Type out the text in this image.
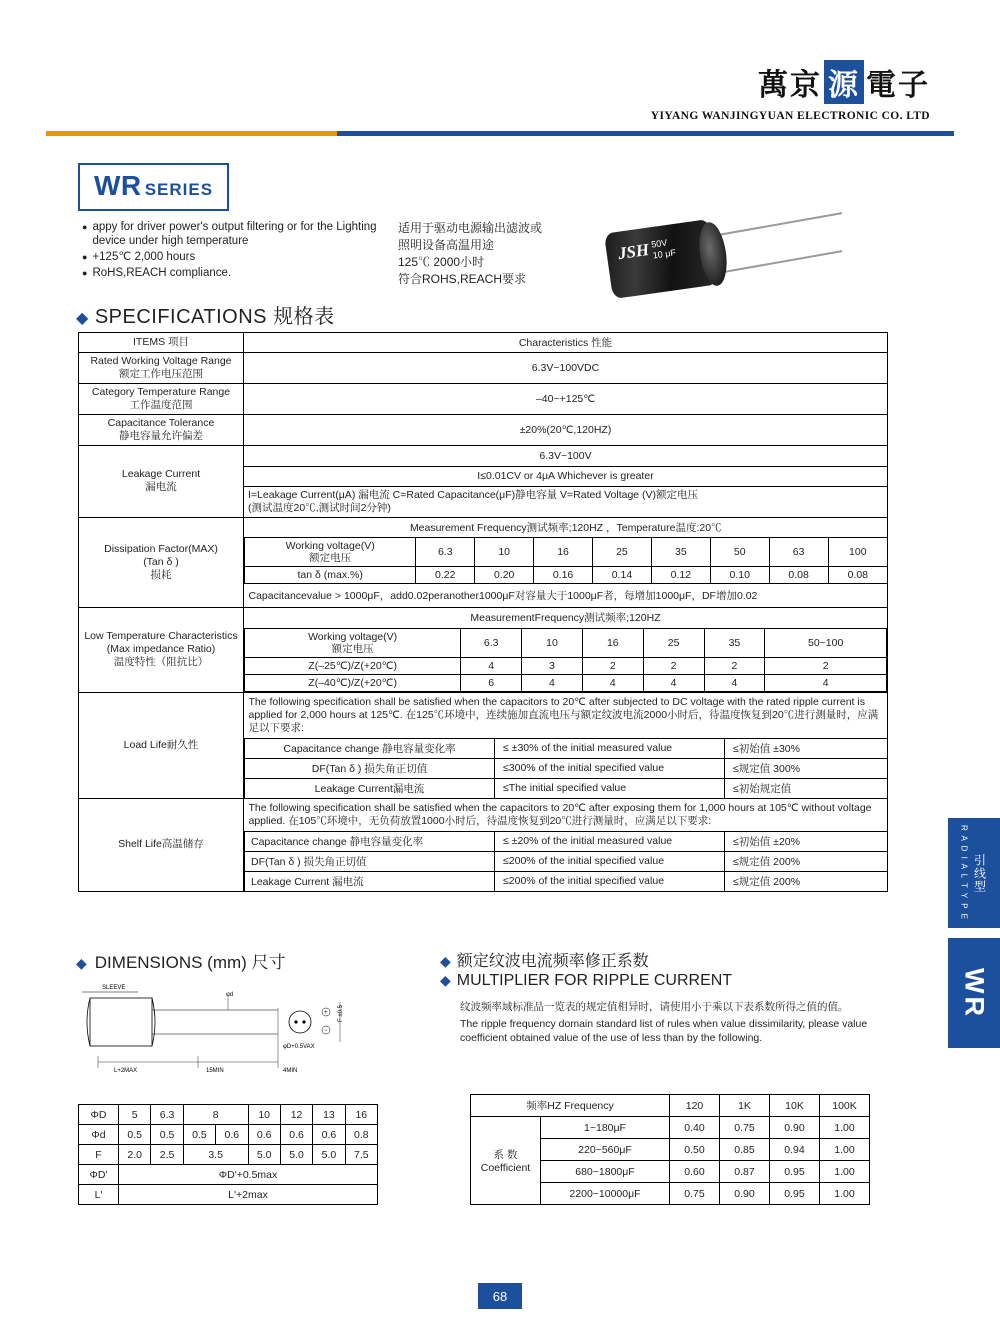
萬京 源 電子
YIYANG WANJINGYUAN ELECTRONIC CO. LTD
WR SERIES
● appy for driver power's output filtering or for the Lighting device under high temperature
● +125℃ 2,000 hours
● RoHS,REACH compliance.
适用于驱动电源输出滤波或
照明设备高温用途
125℃ 2000小时
符合ROHS,REACH要求
JSH 50V
10 μF
◆ SPECIFICATIONS 规格表
ITEMS 项目	Characteristics 性能

Rated Working Voltage Range
额定工作电压范围	6.3V~100VDC

Category Temperature Range
工作温度范围	–40~+125℃

Capacitance Tolerance
静电容量允许偏差	±20%(20℃,120HZ)

Leakage Current
漏电流

6.3V~100V
I≤0.01CV or 4μA Whichever is greater

I=Leakage Current(μA) 漏电流 C=Rated Capacitance(μF)静电容量 V=Rated Voltage (V)额定电压
(测试温度20℃,测试时间2分钟)

Dissipation Factor(MAX)
(Tan δ )
损耗

Measurement Frequency测试频率;120HZ ，Temperature温度:20℃

Working voltage(V)
额定电压	6.3	10	16	25	35	50	63	100
tan δ (max.%)	0.22	0.20	0.16	0.14	0.12	0.10	0.08	0.08
Capacitancevalue > 1000μF，add0.02peranother1000μF对容量大于1000μF者，每增加1000μF，DF增加0.02

Low Temperature Characteristics (Max impedance Ratio)
温度特性（阻抗比）

MeasurementFrequency测试频率;120HZ

Working voltage(V)
额定电压	6.3	10	16	25	35	50~100
Z(–25℃)/Z(+20℃)	4	3	2	2	2	2
Z(–40℃)/Z(+20℃)	6	4	4	4	4	4

Load Life耐久性	
The following specification shall be satisfied when the capacitors to 20℃ after subjected to DC voltage with the rated ripple current is applied for 2,000 hours at 125℃. 在125℃环境中，连续施加直流电压与额定纹波电流2000小时后，待温度恢复到20℃进行测量时，应满足以下要求:
Capacitance change 静电容量变化率	≤ ±30% of the initial measured value	≤初始值 ±30%
DF(Tan δ ) 损失角正切值	≤300% of the initial specified value	≤规定值 300%
Leakage Current漏电流	≤The initial specified value	≤初始规定值

Shelf Life高温储存	
The following specification shall be satisfied when the capacitors to 20℃ after exposing them for 1,000 hours at 105℃ without voltage applied. 在105℃环境中，无负荷放置1000小时后，待温度恢复到20℃进行测量时，应满足以下要求:
Capacitance change 静电容量变化率	≤ ±20% of the initial measured value	≤初始值 ±20%
DF(Tan δ ) 损失角正切值	≤200% of the initial specified value	≤规定值 200%
Leakage Current 漏电流	≤200% of the initial specified value	≤规定值 200%	R A D I A L T Y P E 引线型
WR
◆ DIMENSIONS (mm) 尺寸	◆ 额定纹波电流频率修正系数
◆ MULTIPLIER FOR RIPPLE CURRENT
SLEEVE
L+2MAX	15MIN	4MIN
φd
+
−
φD+0.5VAX
F ±0.5	纹波频率域标准品一览表的规定值相异时，请使用小于乘以下表系数所得之值的值。
The ripple frequency domain standard list of rules when value dissimilarity, please value coefficient obtained value of the use of less than by the following.
ΦD	5	6.3	8		10	12	13	16
Φd	0.5	0.5	0.5	0.6	0.6	0.6	0.6	0.8
F	2.0	2.5	3.5		5.0	5.0	5.0	7.5
ΦD'	ΦD'+0.5max							
L'	L'+2max							
频率HZ Frequency		120	1K	10K	100K

系 数
Coefficient	1~180μF	0.40	0.75	0.90	1.00
	220~560μF	0.50	0.85	0.94	1.00
	680~1800μF	0.60	0.87	0.95	1.00
	2200~10000μF	0.75	0.90	0.95	1.00
68
